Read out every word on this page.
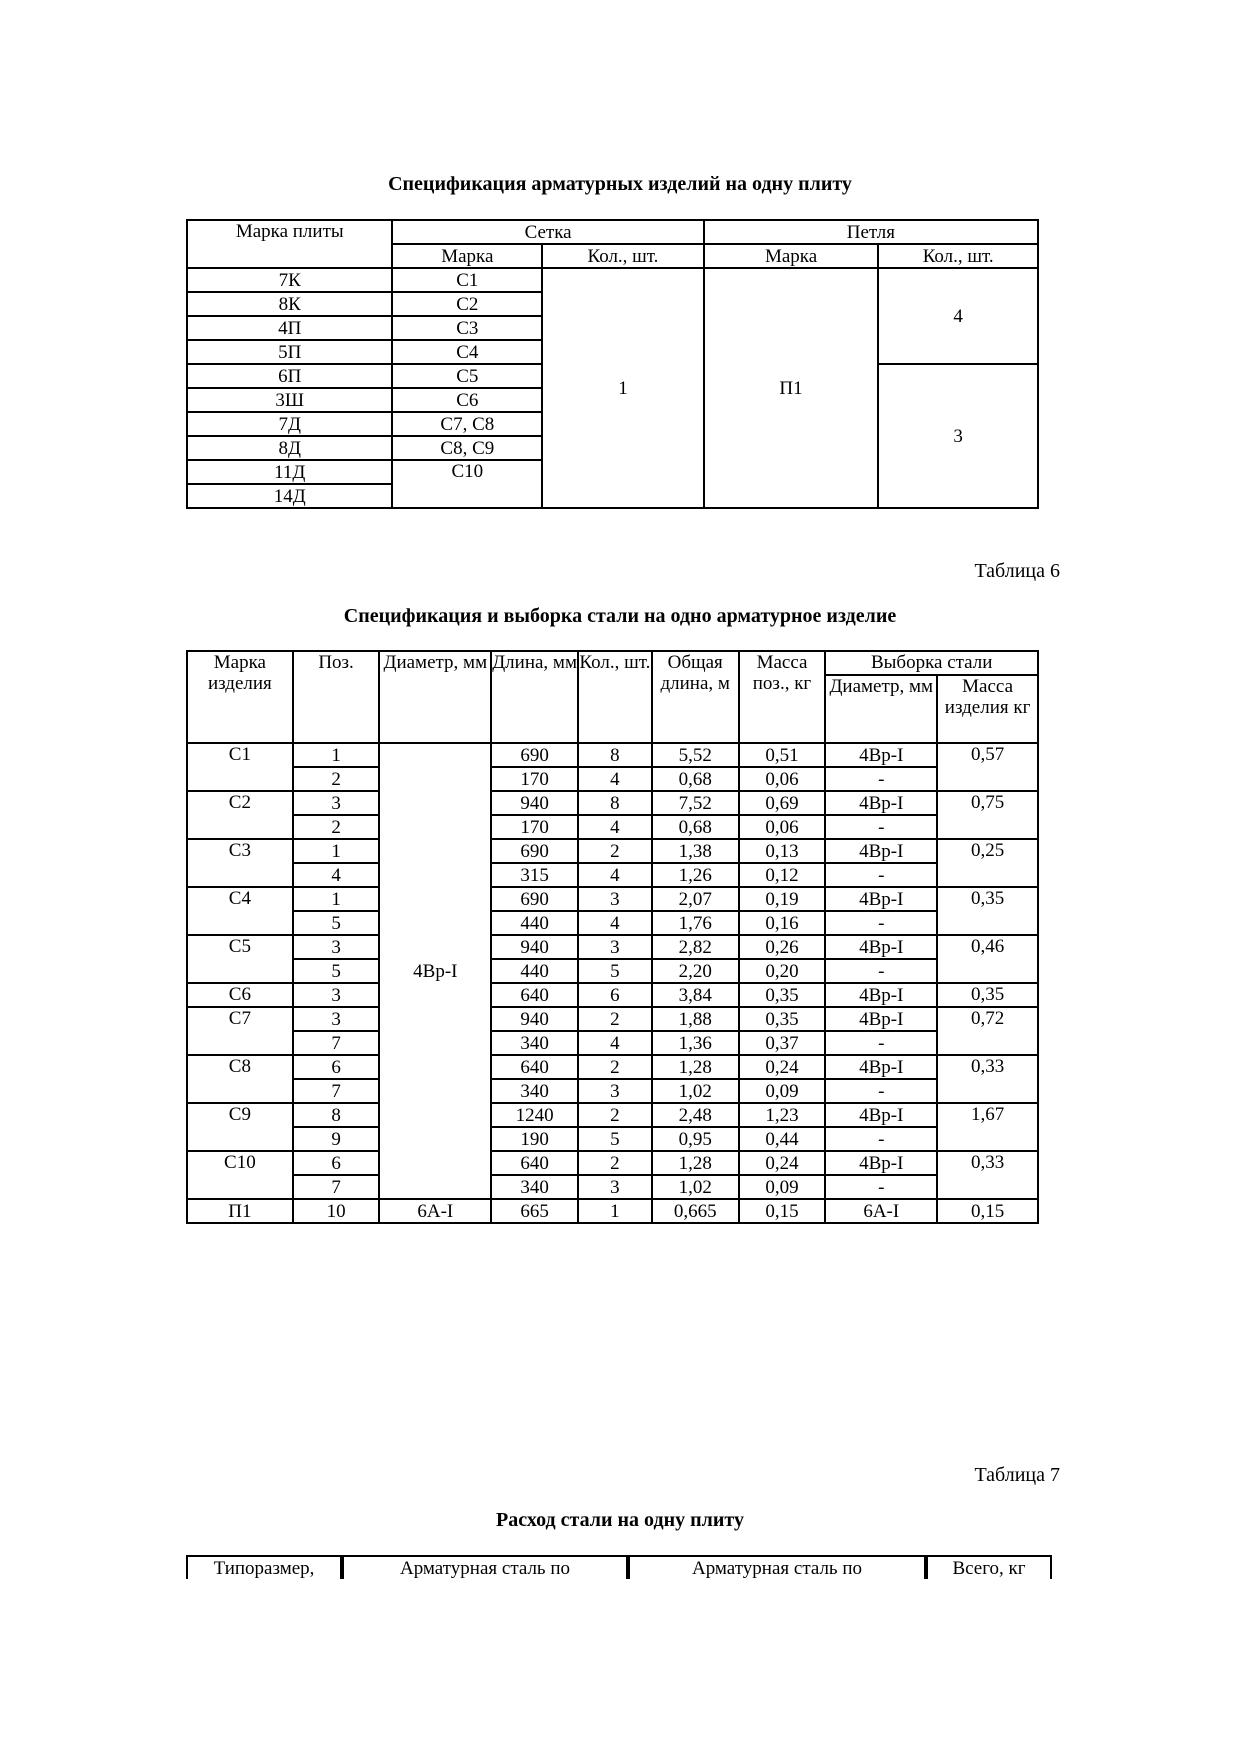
Спецификация арматурных изделий на одну плиту
Марка плиты	Сетка		Петля	
	Марка	Кол., шт.	Марка	Кол., шт.
7К	С1	1	П1	4
8К	С2			
4П	С3			
5П	С4			
6П	С5			3
3Ш	С6			
7Д	С7, С8			
8Д	С8, С9			
11Д	С10			
14Д				
Таблица 6
Спецификация и выборка стали на одно арматурное изделие
Марка изделия	Поз.	Диаметр, мм	Длина, мм	Кол., шт.	Общая длина, м	Масса поз., кг	Выборка стали	
							Диаметр, мм	Масса изделия кг
С1	1	4Вр-I	690	8	5,52	0,51	4Вр-I	0,57
	2		170	4	0,68	0,06	-	
С2	3		940	8	7,52	0,69	4Вр-I	0,75
	2		170	4	0,68	0,06	-	
С3	1		690	2	1,38	0,13	4Вр-I	0,25
	4		315	4	1,26	0,12	-	
С4	1		690	3	2,07	0,19	4Вр-I	0,35
	5		440	4	1,76	0,16	-	
С5	3		940	3	2,82	0,26	4Вр-I	0,46
	5		440	5	2,20	0,20	-	
С6	3		640	6	3,84	0,35	4Вр-I	0,35
С7	3		940	2	1,88	0,35	4Вр-I	0,72
	7		340	4	1,36	0,37	-	
С8	6		640	2	1,28	0,24	4Вр-I	0,33
	7		340	3	1,02	0,09	-	
С9	8		1240	2	2,48	1,23	4Вр-I	1,67
	9		190	5	0,95	0,44	-	
С10	6		640	2	1,28	0,24	4Вр-I	0,33
	7		340	3	1,02	0,09	-	
П1	10	6А-I	665	1	0,665	0,15	6А-I	0,15
Таблица 7
Расход стали на одну плиту
Типоразмер,	Арматурная сталь по	Арматурная сталь по	Всего, кг
